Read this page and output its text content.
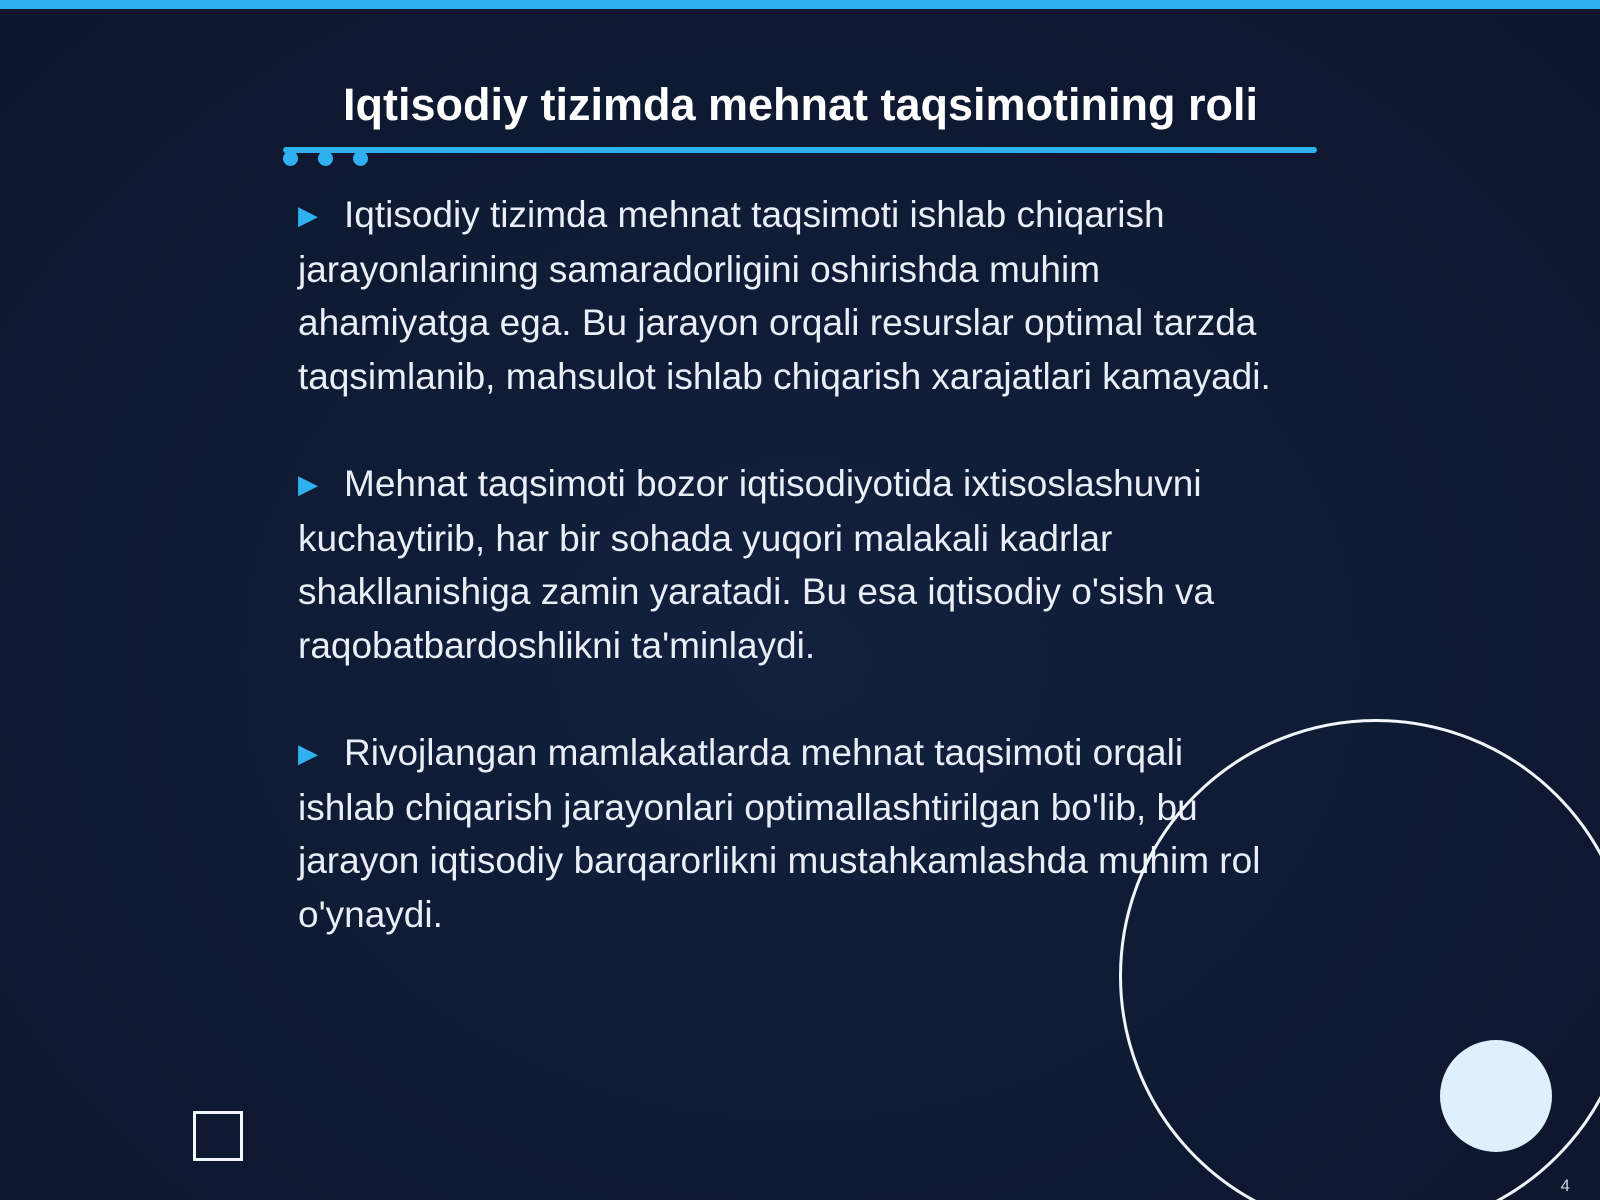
Iqtisodiy tizimda mehnat taqsimotining roli

▶ Iqtisodiy tizimda mehnat taqsimoti ishlab chiqarish jarayonlarining samaradorligini oshirishda muhim ahamiyatga ega. Bu jarayon orqali resurslar optimal tarzda taqsimlanib, mahsulot ishlab chiqarish xarajatlari kamayadi.

▶ Mehnat taqsimoti bozor iqtisodiyotida ixtisoslashuvni kuchaytirib, har bir sohada yuqori malakali kadrlar shakllanishiga zamin yaratadi. Bu esa iqtisodiy o'sish va raqobatbardoshlikni ta'minlaydi.

▶ Rivojlangan mamlakatlarda mehnat taqsimoti orqali ishlab chiqarish jarayonlari optimallashtirilgan bo'lib, bu jarayon iqtisodiy barqarorlikni mustahkamlashda muhim rol o'ynaydi.

4
